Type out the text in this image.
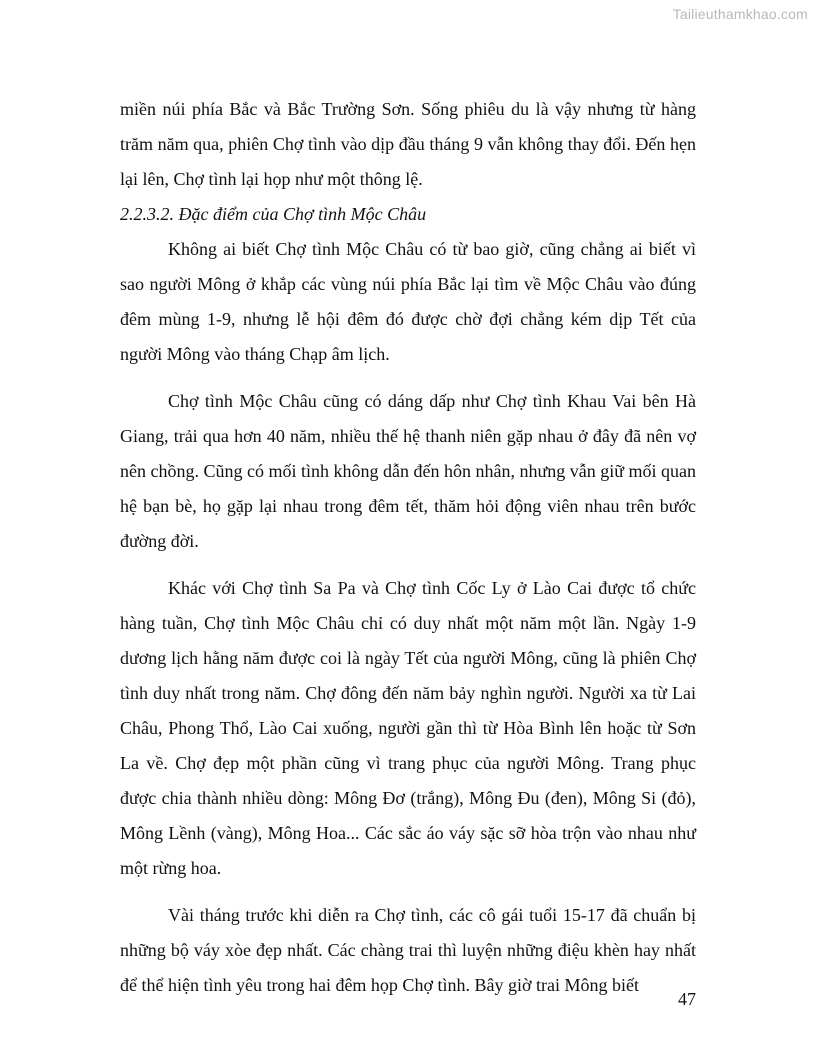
Tailieuthamkhao.com

miền núi phía Bắc và Bắc Trường Sơn. Sống phiêu du là vậy nhưng từ hàng trăm năm qua, phiên Chợ tình vào dịp đầu tháng 9 vẫn không thay đổi. Đến hẹn lại lên, Chợ tình lại họp như một thông lệ.

2.2.3.2. Đặc điểm của Chợ tình Mộc Châu

Không ai biết Chợ tình Mộc Châu có từ bao giờ, cũng chẳng ai biết vì sao người Mông ở khắp các vùng núi phía Bắc lại tìm về Mộc Châu vào đúng đêm mùng 1-9, nhưng lễ hội đêm đó được chờ đợi chẳng kém dịp Tết của người Mông vào tháng Chạp âm lịch.

Chợ tình Mộc Châu cũng có dáng dấp như Chợ tình Khau Vai bên Hà Giang, trải qua hơn 40 năm, nhiều thế hệ thanh niên gặp nhau ở đây đã nên vợ nên chồng. Cũng có mối tình không dẫn đến hôn nhân, nhưng vẫn giữ mối quan hệ bạn bè, họ gặp lại nhau trong đêm tết, thăm hỏi động viên nhau trên bước đường đời.

Khác với Chợ tình Sa Pa và Chợ tình Cốc Ly ở Lào Cai được tổ chức hàng tuần, Chợ tình Mộc Châu chỉ có duy nhất một năm một lần. Ngày 1-9 dương lịch hằng năm được coi là ngày Tết của người Mông, cũng là phiên Chợ tình duy nhất trong năm. Chợ đông đến năm bảy nghìn người. Người xa từ Lai Châu, Phong Thổ, Lào Cai xuống, người gần thì từ Hòa Bình lên hoặc từ Sơn La về. Chợ đẹp một phần cũng vì trang phục của người Mông. Trang phục được chia thành nhiều dòng: Mông Đơ (trắng), Mông Đu (đen), Mông Si (đỏ), Mông Lềnh (vàng), Mông Hoa... Các sắc áo váy sặc sỡ hòa trộn vào nhau như một rừng hoa.

Vài tháng trước khi diễn ra Chợ tình, các cô gái tuổi 15-17 đã chuẩn bị những bộ váy xòe đẹp nhất. Các chàng trai thì luyện những điệu khèn hay nhất để thể hiện tình yêu trong hai đêm họp Chợ tình. Bây giờ trai Mông biết

47
